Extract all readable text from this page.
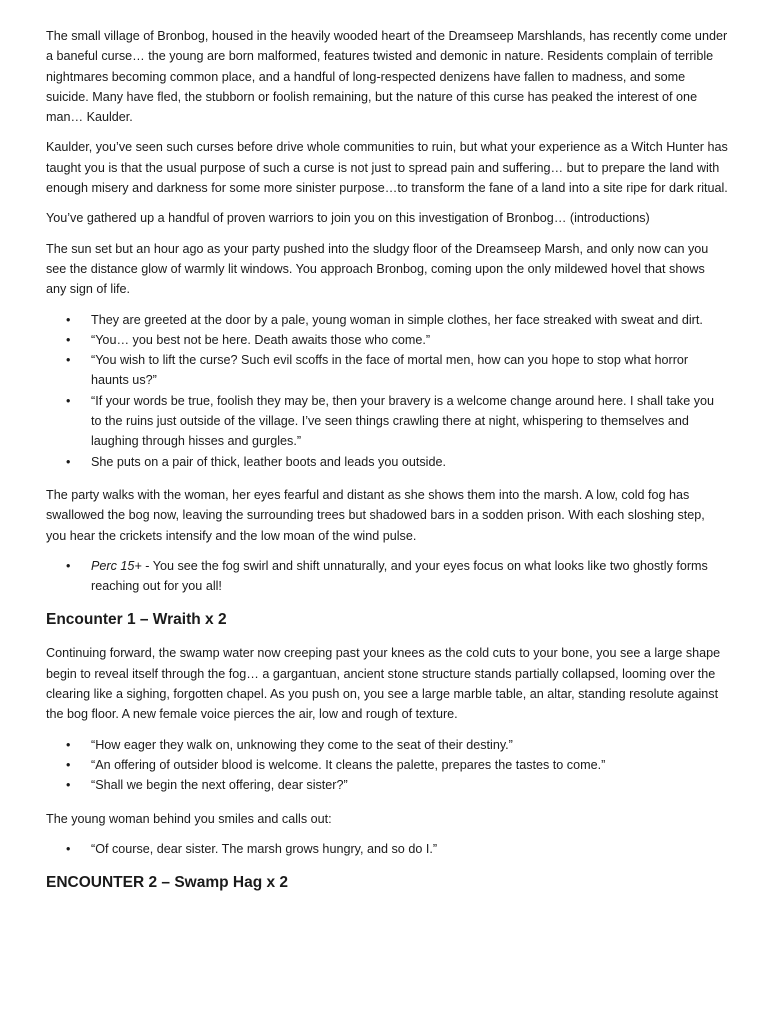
The small village of Bronbog, housed in the heavily wooded heart of the Dreamseep Marshlands, has recently come under a baneful curse… the young are born malformed, features twisted and demonic in nature. Residents complain of terrible nightmares becoming common place, and a handful of long-respected denizens have fallen to madness, and some suicide. Many have fled, the stubborn or foolish remaining, but the nature of this curse has peaked the interest of one man… Kaulder.

Kaulder, you’ve seen such curses before drive whole communities to ruin, but what your experience as a Witch Hunter has taught you is that the usual purpose of such a curse is not just to spread pain and suffering… but to prepare the land with enough misery and darkness for some more sinister purpose…to transform the fane of a land into a site ripe for dark ritual.

You’ve gathered up a handful of proven warriors to join you on this investigation of Bronbog… (introductions)

The sun set but an hour ago as your party pushed into the sludgy floor of the Dreamseep Marsh, and only now can you see the distance glow of warmly lit windows. You approach Bronbog, coming upon the only mildewed hovel that shows any sign of life.

• They are greeted at the door by a pale, young woman in simple clothes, her face streaked with sweat and dirt.
• “You… you best not be here. Death awaits those who come.”
• “You wish to lift the curse? Such evil scoffs in the face of mortal men, how can you hope to stop what horror haunts us?”
• “If your words be true, foolish they may be, then your bravery is a welcome change around here. I shall take you to the ruins just outside of the village. I’ve seen things crawling there at night, whispering to themselves and laughing through hisses and gurgles.”
• She puts on a pair of thick, leather boots and leads you outside.

The party walks with the woman, her eyes fearful and distant as she shows them into the marsh. A low, cold fog has swallowed the bog now, leaving the surrounding trees but shadowed bars in a sodden prison. With each sloshing step, you hear the crickets intensify and the low moan of the wind pulse.

• Perc 15+ - You see the fog swirl and shift unnaturally, and your eyes focus on what looks like two ghostly forms reaching out for you all!
Encounter 1 – Wraith x 2

Continuing forward, the swamp water now creeping past your knees as the cold cuts to your bone, you see a large shape begin to reveal itself through the fog… a gargantuan, ancient stone structure stands partially collapsed, looming over the clearing like a sighing, forgotten chapel. As you push on, you see a large marble table, an altar, standing resolute against the bog floor. A new female voice pierces the air, low and rough of texture.

• “How eager they walk on, unknowing they come to the seat of their destiny.”
• “An offering of outsider blood is welcome. It cleans the palette, prepares the tastes to come.”
• “Shall we begin the next offering, dear sister?”

The young woman behind you smiles and calls out:

• “Of course, dear sister. The marsh grows hungry, and so do I.”
ENCOUNTER 2 – Swamp Hag x 2
